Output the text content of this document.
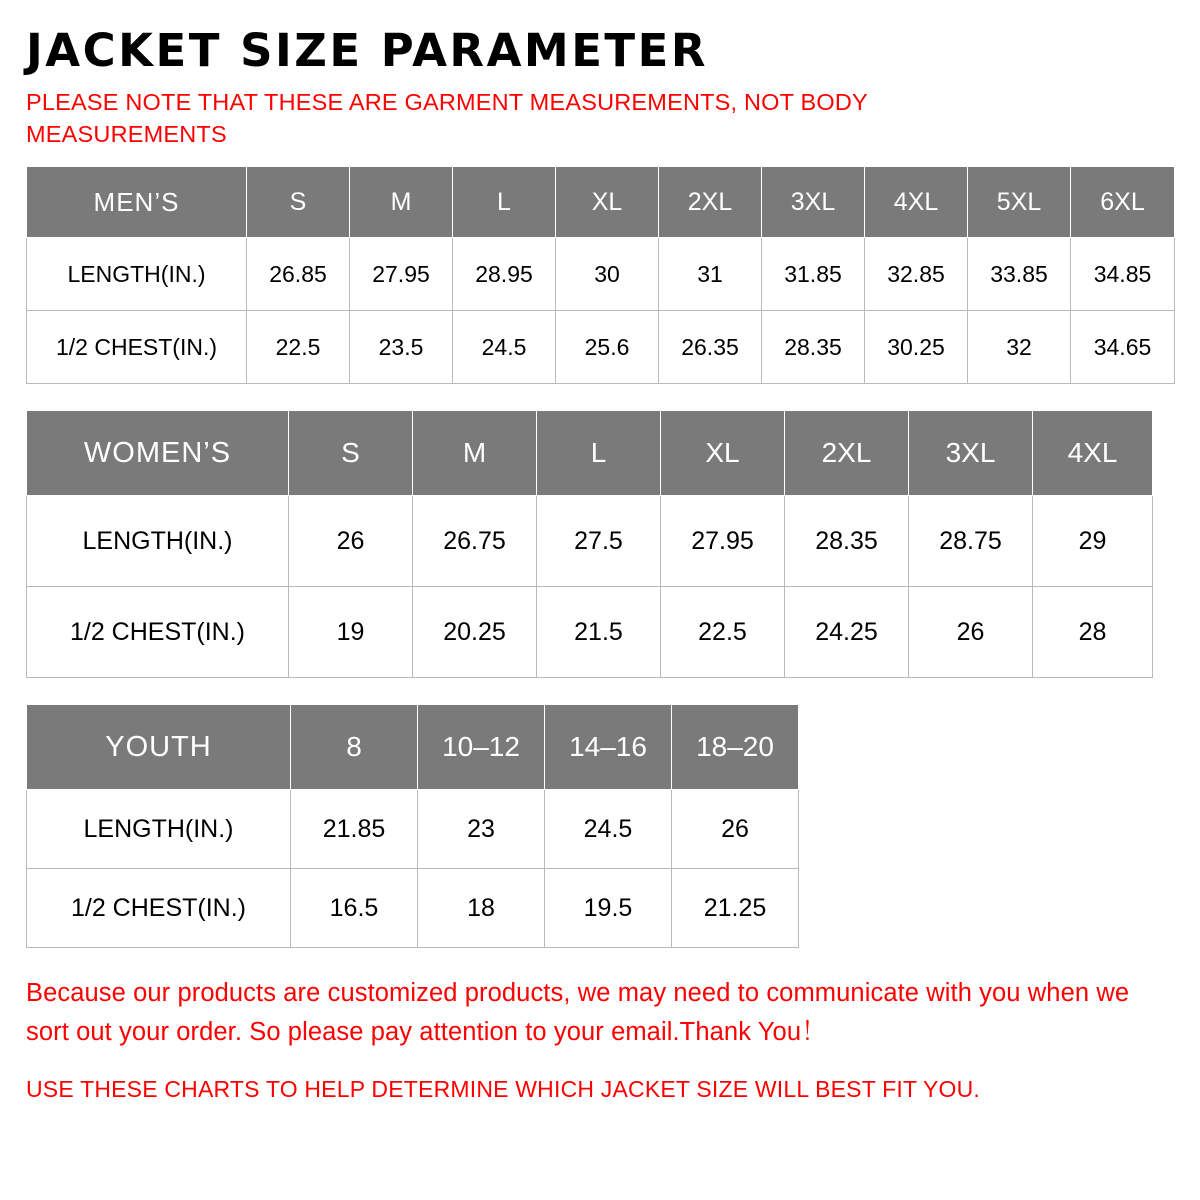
JACKET SIZE PARAMETER
PLEASE NOTE THAT THESE ARE GARMENT MEASUREMENTS, NOT BODY MEASUREMENTS
MEN’S	S	M	L	XL	2XL	3XL	4XL	5XL	6XL
LENGTH(IN.)	26.85	27.95	28.95	30	31	31.85	32.85	33.85	34.85
1/2 CHEST(IN.)	22.5	23.5	24.5	25.6	26.35	28.35	30.25	32	34.65
WOMEN’S	S	M	L	XL	2XL	3XL	4XL
LENGTH(IN.)	26	26.75	27.5	27.95	28.35	28.75	29
1/2 CHEST(IN.)	19	20.25	21.5	22.5	24.25	26	28
YOUTH	8	10–12	14–16	18–20
LENGTH(IN.)	21.85	23	24.5	26
1/2 CHEST(IN.)	16.5	18	19.5	21.25
Because our products are customized products, we may need to communicate with you when we sort out your order. So please pay attention to your email.Thank You！
USE THESE CHARTS TO HELP DETERMINE WHICH JACKET SIZE WILL BEST FIT YOU.
